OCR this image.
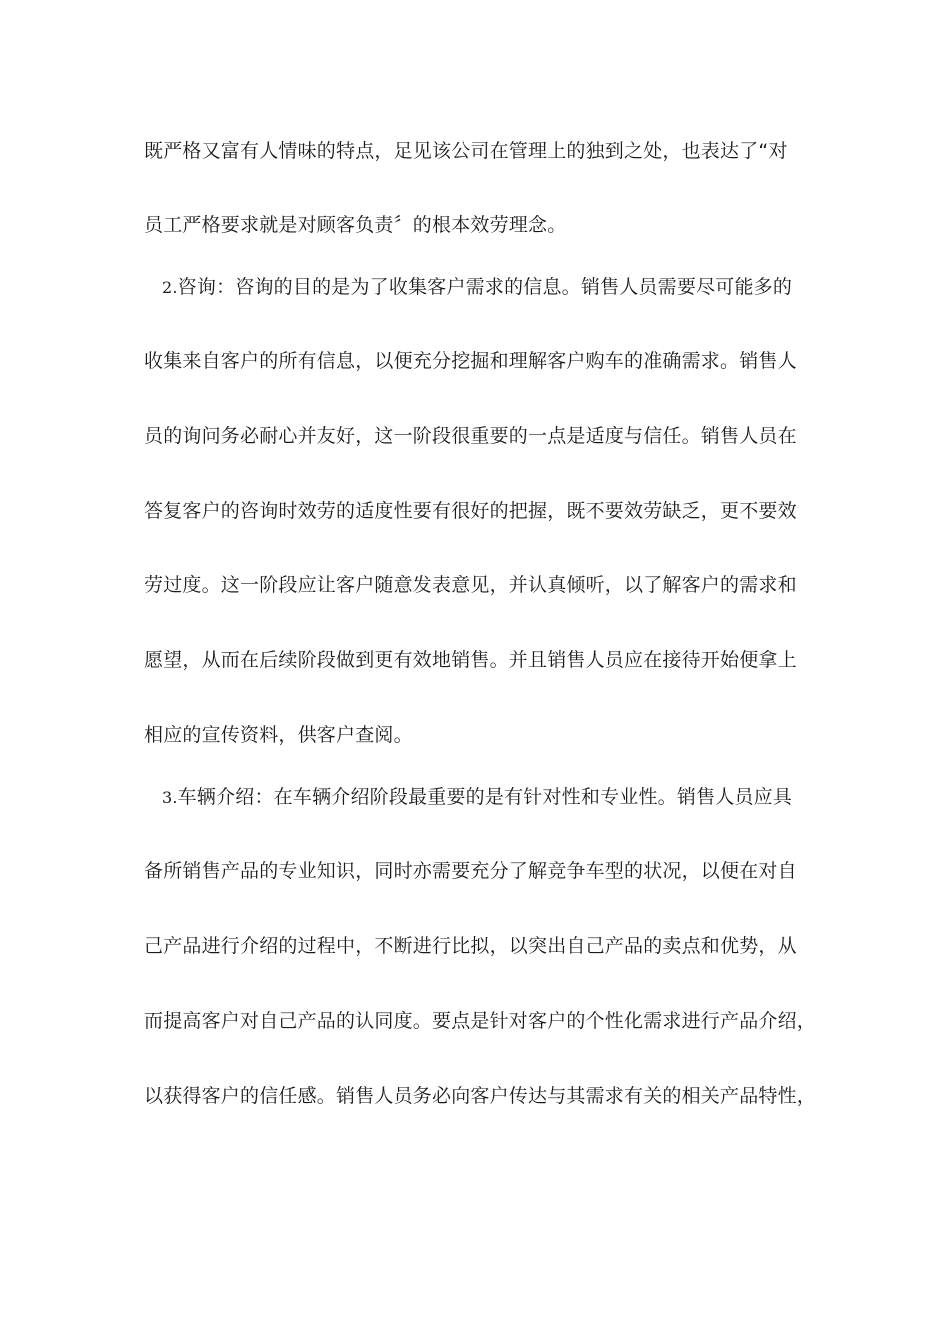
既严格又富有人情味的特点，足见该公司在管理上的独到之处，也表达了“对
员工严格要求就是对顾客负责〞的根本效劳理念。
2.咨询：咨询的目的是为了收集客户需求的信息。销售人员需要尽可能多的
收集来自客户的所有信息，以便充分挖掘和理解客户购车的准确需求。销售人
员的询问务必耐心并友好，这一阶段很重要的一点是适度与信任。销售人员在
答复客户的咨询时效劳的适度性要有很好的把握，既不要效劳缺乏，更不要效
劳过度。这一阶段应让客户随意发表意见，并认真倾听，以了解客户的需求和
愿望，从而在后续阶段做到更有效地销售。并且销售人员应在接待开始便拿上
相应的宣传资料，供客户查阅。
3.车辆介绍：在车辆介绍阶段最重要的是有针对性和专业性。销售人员应具
备所销售产品的专业知识，同时亦需要充分了解竞争车型的状况，以便在对自
己产品进行介绍的过程中，不断进行比拟，以突出自己产品的卖点和优势，从
而提高客户对自己产品的认同度。要点是针对客户的个性化需求进行产品介绍，
以获得客户的信任感。销售人员务必向客户传达与其需求有关的相关产品特性，
